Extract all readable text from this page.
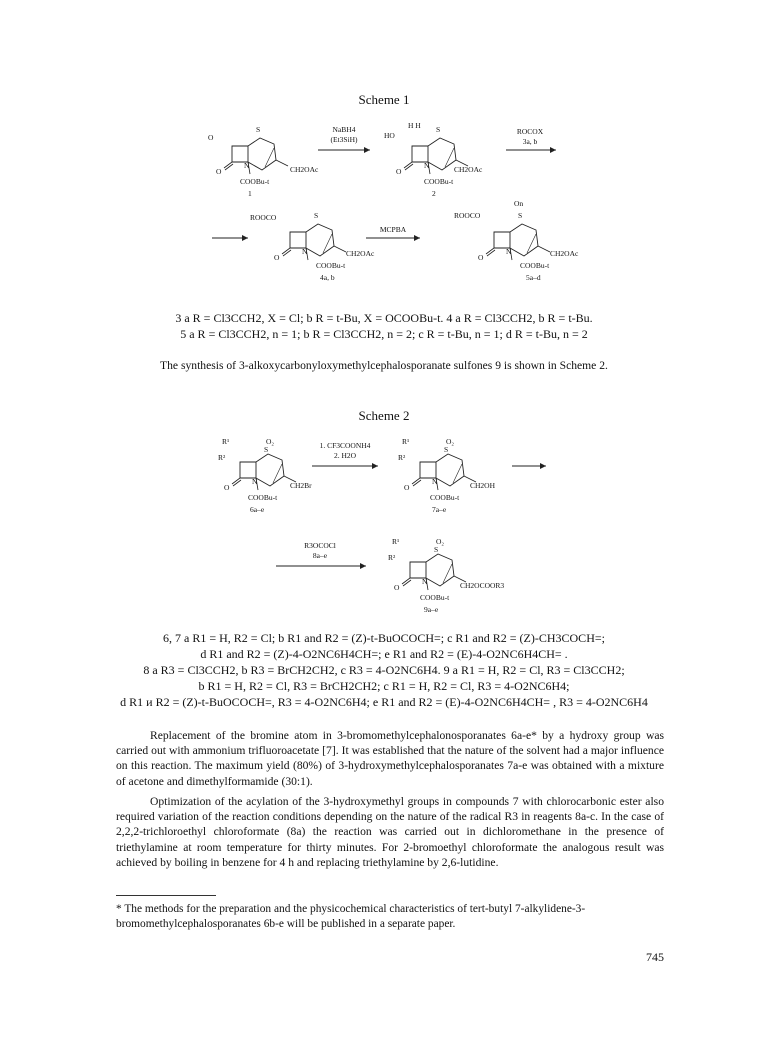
Scheme 1
O
S
O
N	CH2OAc
COOBu-t
1
NaBH4
(Et3SiH)
S
O
N
HO
H H
CH2OAc
COOBu-t
2
ROCOX
3a, b
S
O
N
ROOCO
CH2OAc
COOBu-t
4a, b
MCPBA
S
O
N
ROOCO
On
CH2OAc
COOBu-t
5a–d
3 a R = Cl3CCH2, X = Cl; b R = t-Bu, X = OCOOBu-t. 4 a R = Cl3CCH2, b R = t-Bu.
5 a R = Cl3CCH2, n = 1; b R = Cl3CCH2, n = 2; c R = t-Bu, n = 1; d R = t-Bu, n = 2
The synthesis of 3-alkoxycarbonyloxymethylcephalosporanate sulfones 9 is shown in Scheme 2.
Scheme 2
R¹
R²
O₂
S
O
N	CH2Br
COOBu-t
6a–e
1. CF3COONH4
2. H2O
R¹
R²
O₂
S
O
N	CH2OH
COOBu-t
7a–e
R3OCOCl
8a–e
R¹
R²
O₂
S
O
N	CH2OCOOR3
COOBu-t
9a–e
6, 7 a R1 = H, R2 = Cl; b R1 and R2 = (Z)-t-BuOCOCH=; c R1 and R2 = (Z)-CH3COCH=;
d R1 and R2 = (Z)-4-O2NC6H4CH=; e R1 and R2 = (E)-4-O2NC6H4CH= .
8 a R3 = Cl3CCH2, b R3 = BrCH2CH2, c R3 = 4-O2NC6H4. 9 a R1 = H, R2 = Cl, R3 = Cl3CCH2;
b R1 = H, R2 = Cl, R3 = BrCH2CH2; c R1 = H, R2 = Cl, R3 = 4-O2NC6H4;
d R1 и R2 = (Z)-t-BuOCOCH=, R3 = 4-O2NC6H4; e R1 and R2 = (E)-4-O2NC6H4CH= , R3 = 4-O2NC6H4
Replacement of the bromine atom in 3-bromomethylcephalonosporanates 6a-e* by a hydroxy group was carried out with ammonium trifluoroacetate [7]. It was established that the nature of the solvent had a major influence on this reaction. The maximum yield (80%) of 3-hydroxymethylcephalosporanates 7a-e was obtained with a mixture of acetone and dimethylformamide (30:1).
Optimization of the acylation of the 3-hydroxymethyl groups in compounds 7 with chlorocarbonic ester also required variation of the reaction conditions depending on the nature of the radical R3 in reagents 8a-c. In the case of 2,2,2-trichloroethyl chloroformate (8a) the reaction was carried out in dichloromethane in the presence of triethylamine at room temperature for thirty minutes. For 2-bromoethyl chloroformate the analogous result was achieved by boiling in benzene for 4 h and replacing triethylamine by 2,6-lutidine.
* The methods for the preparation and the physicochemical characteristics of tert-butyl 7-alkylidene-3-bromomethylcephalosporanates 6b-e will be published in a separate paper.
745
